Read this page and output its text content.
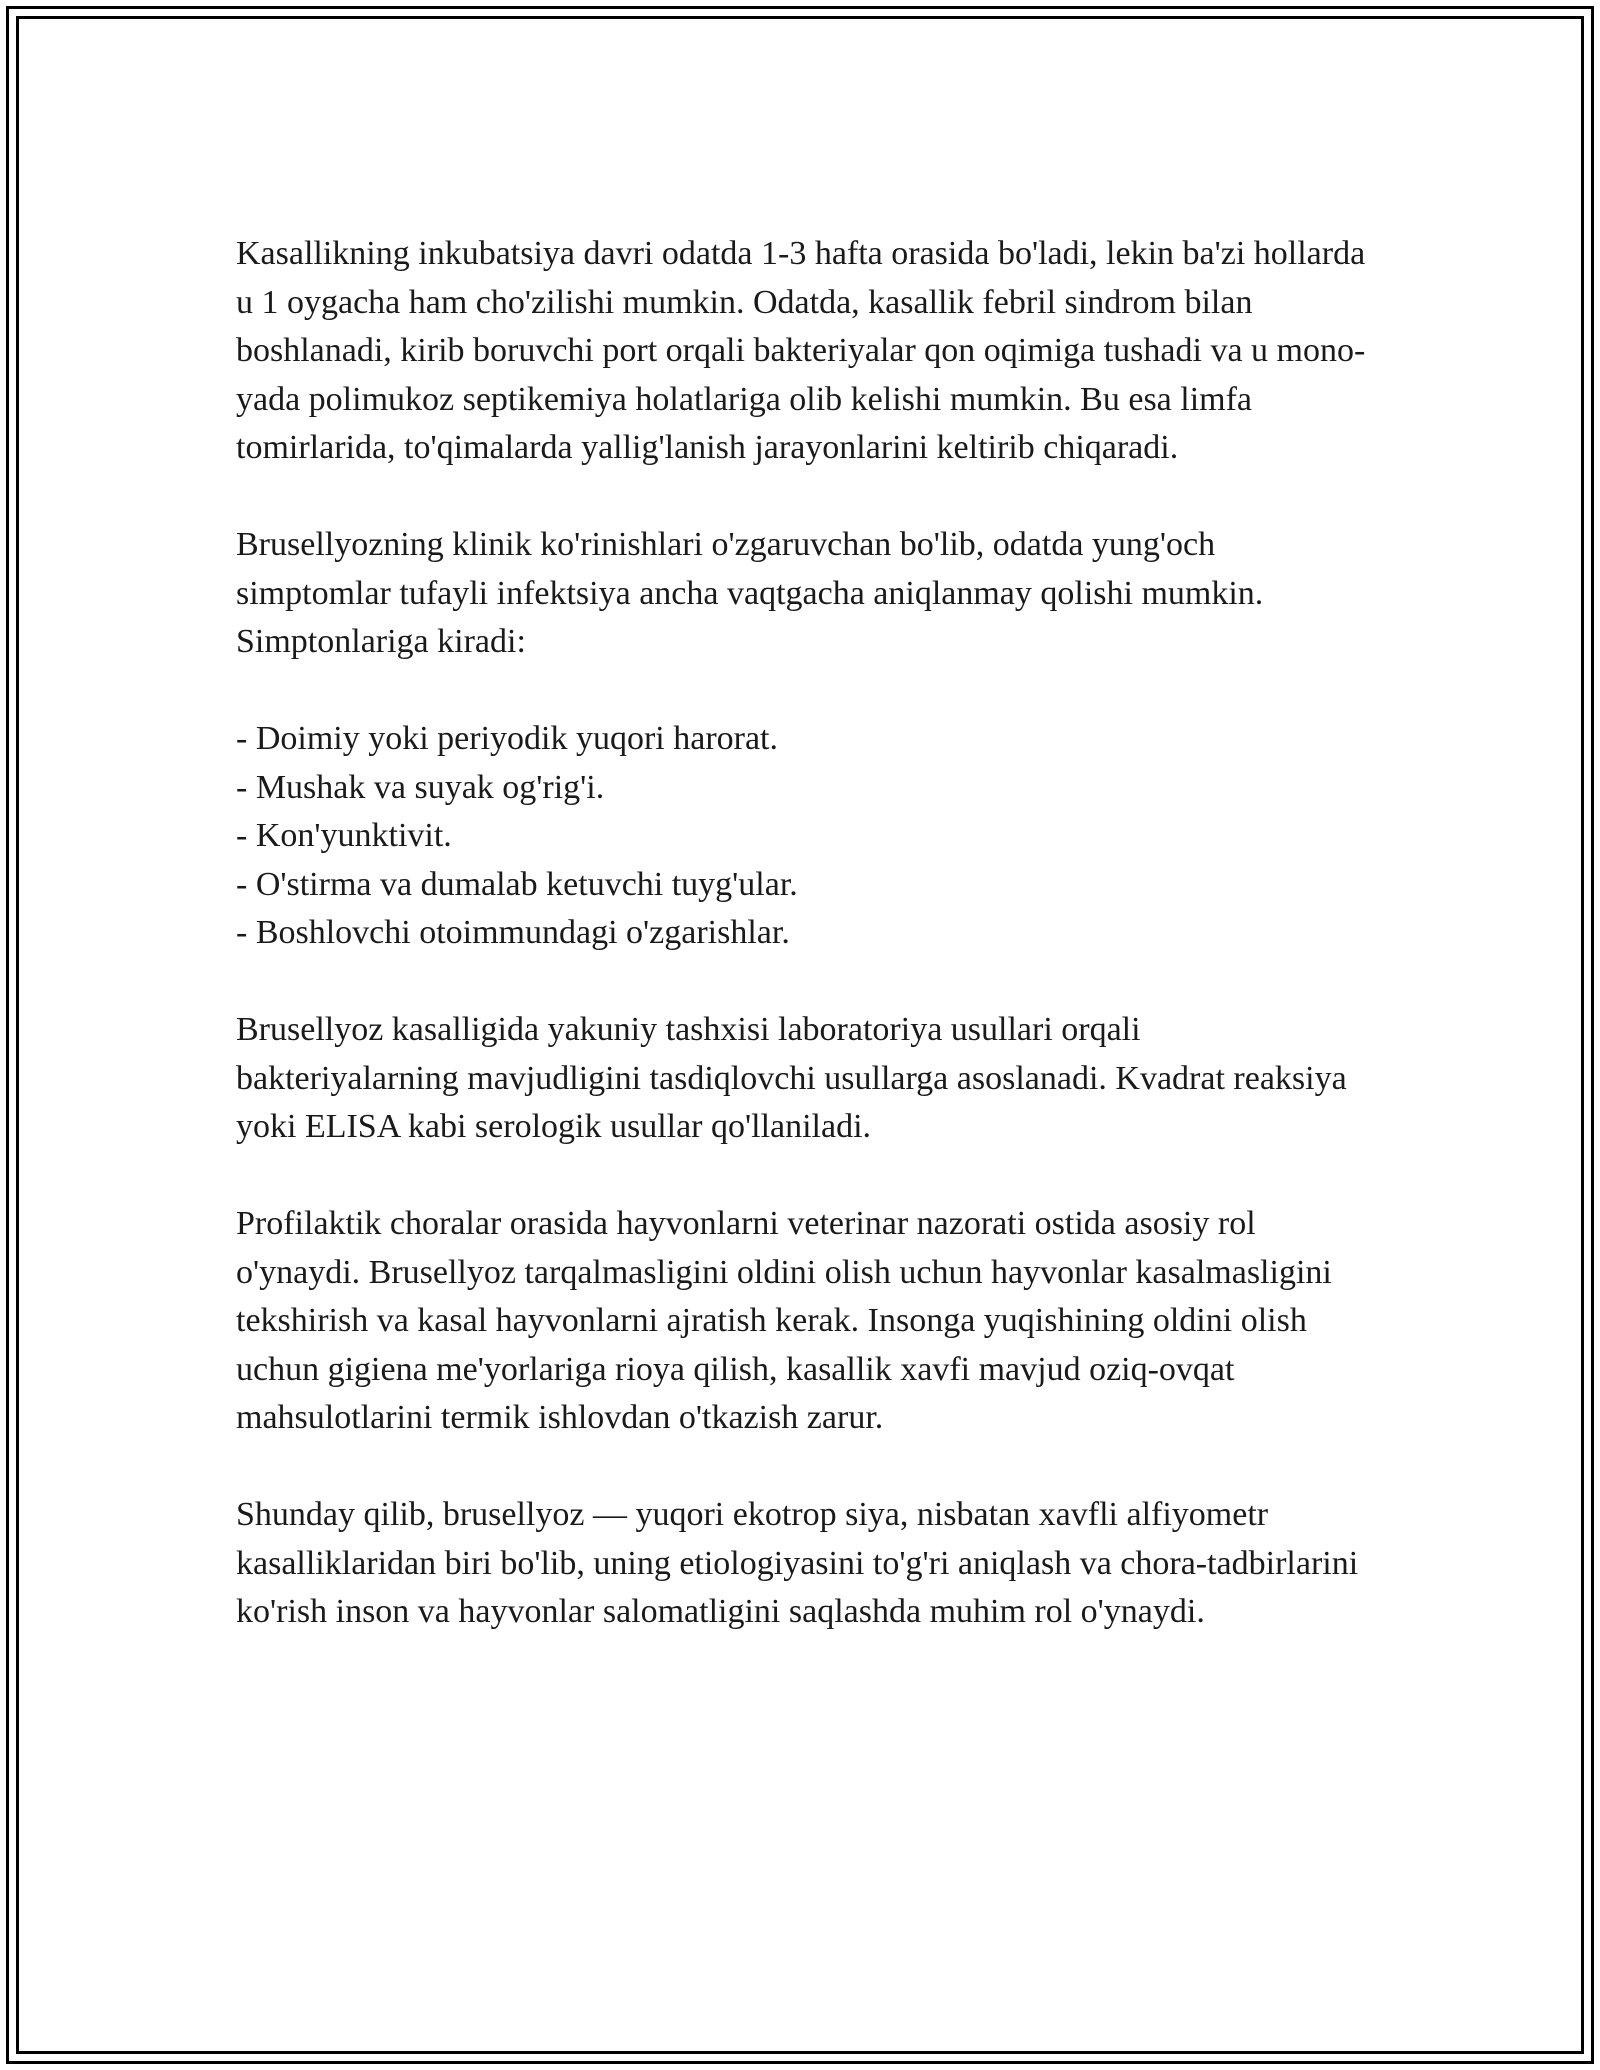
Kasallikning inkubatsiya davri odatda 1-3 hafta orasida bo'ladi, lekin ba'zi hollarda u 1 oygacha ham cho'zilishi mumkin. Odatda, kasallik febril sindrom bilan boshlanadi, kirib boruvchi port orqali bakteriyalar qon oqimiga tushadi va u mono-yada polimukoz septikemiya holatlariga olib kelishi mumkin. Bu esa limfa tomirlarida, to'qimalarda yallig'lanish jarayonlarini keltirib chiqaradi.

Brusellyozning klinik ko'rinishlari o'zgaruvchan bo'lib, odatda yung'och simptomlar tufayli infektsiya ancha vaqtgacha aniqlanmay qolishi mumkin. Simptonlariga kiradi:

- Doimiy yoki periyodik yuqori harorat.
- Mushak va suyak og'rig'i.
- Kon'yunktivit.
- O'stirma va dumalab ketuvchi tuyg'ular.
- Boshlovchi otoimmundagi o'zgarishlar.

Brusellyoz kasalligida yakuniy tashxisi laboratoriya usullari orqali bakteriyalarning mavjudligini tasdiqlovchi usullarga asoslanadi. Kvadrat reaksiya yoki ELISA kabi serologik usullar qo'llaniladi.

Profilaktik choralar orasida hayvonlarni veterinar nazorati ostida asosiy rol o'ynaydi. Brusellyoz tarqalmasligini oldini olish uchun hayvonlar kasalmasligini tekshirish va kasal hayvonlarni ajratish kerak. Insonga yuqishining oldini olish uchun gigiena me'yorlariga rioya qilish, kasallik xavfi mavjud oziq-ovqat mahsulotlarini termik ishlovdan o'tkazish zarur.

Shunday qilib, brusellyoz — yuqori ekotrop siya, nisbatan xavfli alfiyometr kasalliklaridan biri bo'lib, uning etiologiyasini to'g'ri aniqlash va chora-tadbirlarini ko'rish inson va hayvonlar salomatligini saqlashda muhim rol o'ynaydi.
